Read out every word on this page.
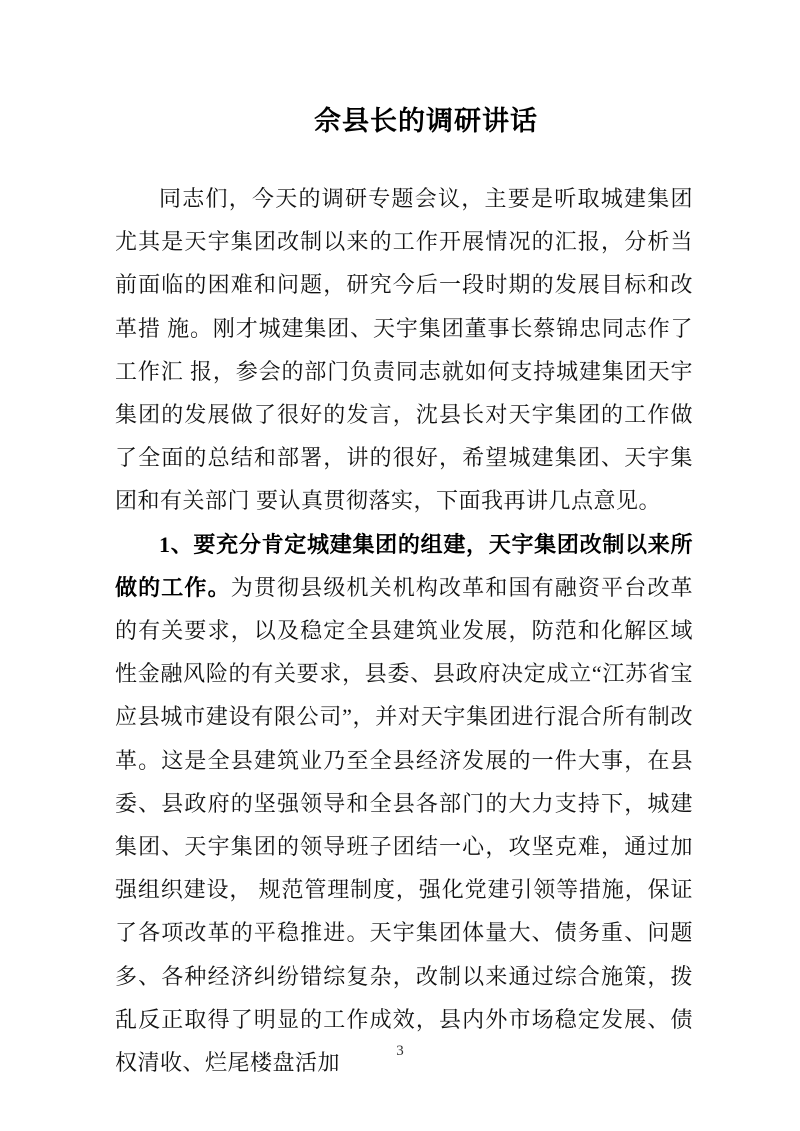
佘县长的调研讲话

同志们，今天的调研专题会议，主要是听取城建集团尤其是天宇集团改制以来的工作开展情况的汇报，分析当前面临的困难和问题，研究今后一段时期的发展目标和改革措 施。刚才城建集团、天宇集团董事长蔡锦忠同志作了工作汇 报，参会的部门负责同志就如何支持城建集团天宇集团的发展做了很好的发言，沈县长对天宇集团的工作做了全面的总结和部署，讲的很好，希望城建集团、天宇集团和有关部门 要认真贯彻落实，下面我再讲几点意见。

1、要充分肯定城建集团的组建，天宇集团改制以来所做的工作。为贯彻县级机关机构改革和国有融资平台改革的有关要求，以及稳定全县建筑业发展，防范和化解区域性金融风险的有关要求，县委、县政府决定成立“江苏省宝应县城市建设有限公司”，并对天宇集团进行混合所有制改革。这是全县建筑业乃至全县经济发展的一件大事，在县委、县政府的坚强领导和全县各部门的大力支持下，城建集团、天宇集团的领导班子团结一心，攻坚克难，通过加强组织建设， 规范管理制度，强化党建引领等措施，保证了各项改革的平稳推进。天宇集团体量大、债务重、问题多、各种经济纠纷错综复杂，改制以来通过综合施策，拨乱反正取得了明显的工作成效，县内外市场稳定发展、债权清收、烂尾楼盘活加	3
